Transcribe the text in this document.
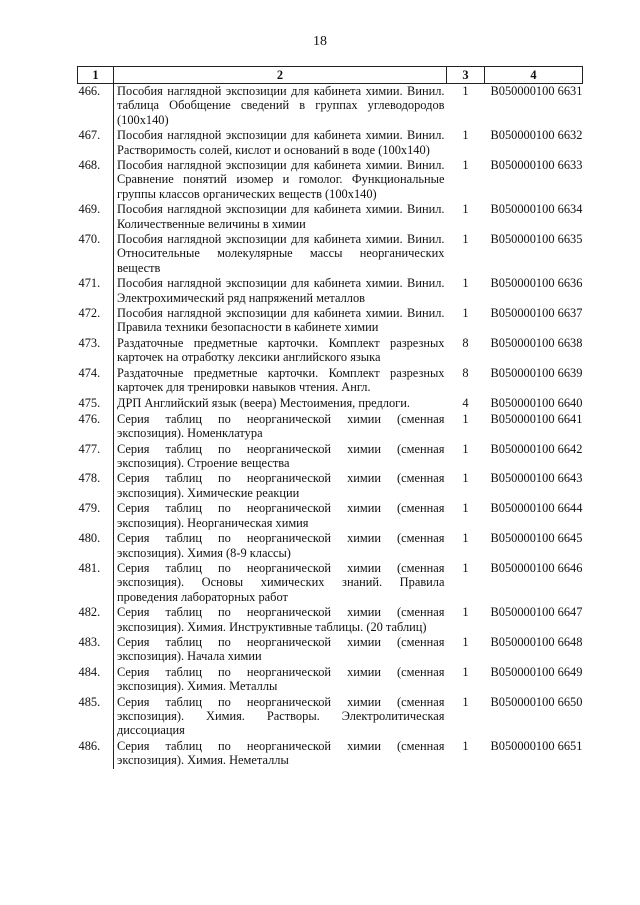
18
1	2	3	4
466.	Пособия наглядной экспозиции для кабинета химии. Винил. таблица Обобщение сведений в группах углеводородов (100х140)	1	B050000100 6631
467.	Пособия наглядной экспозиции для кабинета химии. Винил. Растворимость солей, кислот и оснований в воде (100х140)	1	B050000100 6632
468.	Пособия наглядной экспозиции для кабинета химии. Винил. Сравнение понятий изомер и гомолог. Функциональные группы классов органических веществ (100х140)	1	B050000100 6633
469.	Пособия наглядной экспозиции для кабинета химии. Винил. Количественные величины в химии	1	B050000100 6634
470.	Пособия наглядной экспозиции для кабинета химии. Винил. Относительные молекулярные массы неорганических веществ	1	B050000100 6635
471.	Пособия наглядной экспозиции для кабинета химии. Винил. Электрохимический ряд напряжений металлов	1	B050000100 6636
472.	Пособия наглядной экспозиции для кабинета химии. Винил. Правила техники безопасности в кабинете химии	1	B050000100 6637
473.	Раздаточные предметные карточки. Комплект разрезных карточек на отработку лексики английского языка	8	B050000100 6638
474.	Раздаточные предметные карточки. Комплект разрезных карточек для тренировки навыков чтения. Англ.	8	B050000100 6639
475.	ДРП Английский язык (веера) Местоимения, предлоги.	4	B050000100 6640
476.	Серия таблиц по неорганической химии (сменная экспозиция). Номенклатура	1	B050000100 6641
477.	Серия таблиц по неорганической химии (сменная экспозиция). Строение вещества	1	B050000100 6642
478.	Серия таблиц по неорганической химии (сменная экспозиция). Химические реакции	1	B050000100 6643
479.	Серия таблиц по неорганической химии (сменная экспозиция). Неорганическая химия	1	B050000100 6644
480.	Серия таблиц по неорганической химии (сменная экспозиция). Химия (8-9 классы)	1	B050000100 6645
481.	Серия таблиц по неорганической химии (сменная экспозиция). Основы химических знаний. Правила проведения лабораторных работ	1	B050000100 6646
482.	Серия таблиц по неорганической химии (сменная экспозиция). Химия. Инструктивные таблицы. (20 таблиц)	1	B050000100 6647
483.	Серия таблиц по неорганической химии (сменная экспозиция). Начала химии	1	B050000100 6648
484.	Серия таблиц по неорганической химии (сменная экспозиция). Химия. Металлы	1	B050000100 6649
485.	Серия таблиц по неорганической химии (сменная экспозиция). Химия. Растворы. Электролитическая диссоциация	1	B050000100 6650
486.	Серия таблиц по неорганической химии (сменная экспозиция). Химия. Неметаллы	1	B050000100 6651
